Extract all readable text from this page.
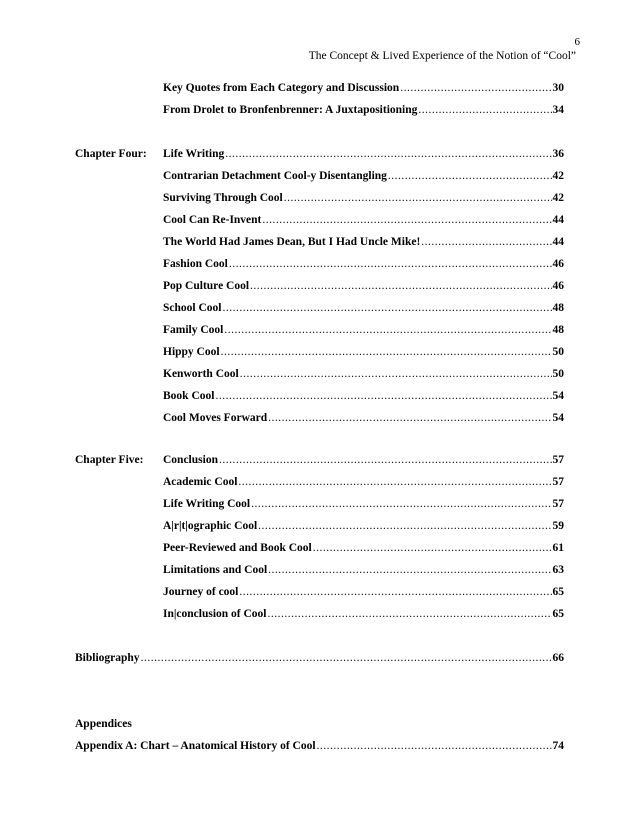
6
The Concept & Lived Experience of the Notion of “Cool”
Key Quotes from Each Category and Discussion .....	30
From Drolet to Bronfenbrenner: A Juxtapositioning .....	34
Chapter Four: Life Writing .....	36
Contrarian Detachment Cool-y Disentangling .....	42
Surviving Through Cool .....	42
Cool Can Re-Invent .....	44
The World Had James Dean, But I Had Uncle Mike! .....	44
Fashion Cool .....	46
Pop Culture Cool .....	46
School Cool .....	48
Family Cool .....	48
Hippy Cool .....	50
Kenworth Cool .....	50
Book Cool .....	54
Cool Moves Forward .....	54
Chapter Five: Conclusion .....	57
Academic Cool .....	57
Life Writing Cool .....	57
A|r|t|ographic Cool .....	59
Peer-Reviewed and Book Cool .....	61
Limitations and Cool .....	63
Journey of cool .....	65
In|conclusion of Cool .....	65
Bibliography .....	66
Appendices
Appendix A: Chart – Anatomical History of Cool .....	74
